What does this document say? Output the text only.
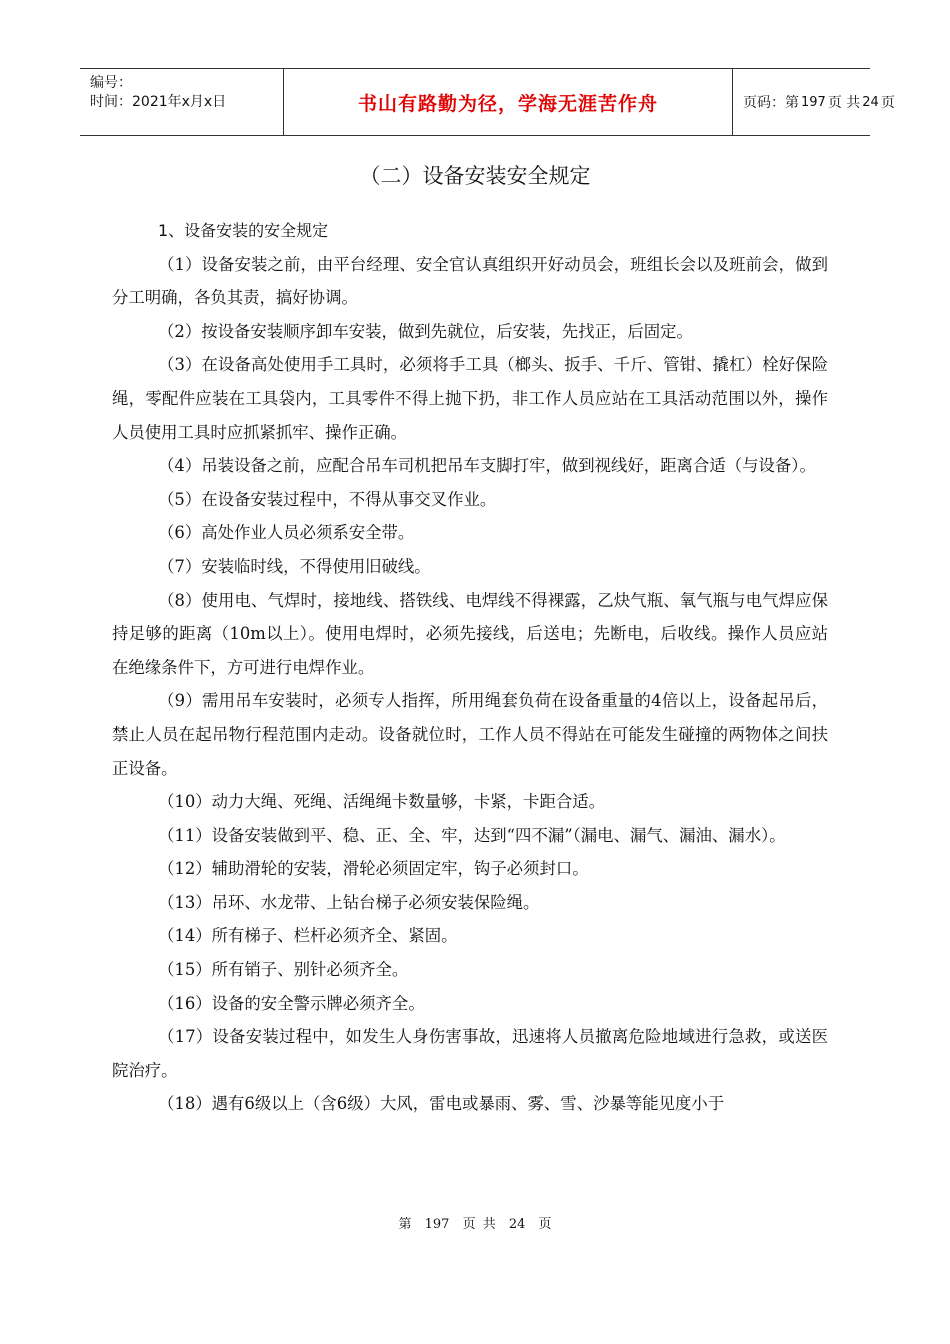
编号：
时间：2021年x月x日	书山有路勤为径，学海无涯苦作舟	页码：第 197 页 共 24 页
（二）设备安装安全规定
1、设备安装的安全规定

（1）设备安装之前，由平台经理、安全官认真组织开好动员会，班组长会以及班前会，做到分工明确，各负其责，搞好协调。

（2）按设备安装顺序卸车安装，做到先就位，后安装，先找正，后固定。

（3）在设备高处使用手工具时，必须将手工具（榔头、扳手、千斤、管钳、撬杠）栓好保险绳，零配件应装在工具袋内，工具零件不得上抛下扔，非工作人员应站在工具活动范围以外，操作人员使用工具时应抓紧抓牢、操作正确。

（4）吊装设备之前，应配合吊车司机把吊车支脚打牢，做到视线好，距离合适（与设备）。

（5）在设备安装过程中，不得从事交叉作业。

（6）高处作业人员必须系安全带。

（7）安装临时线，不得使用旧破线。

（8）使用电、气焊时，接地线、搭铁线、电焊线不得裸露，乙炔气瓶、氧气瓶与电气焊应保持足够的距离（10m以上）。使用电焊时，必须先接线，后送电；先断电，后收线。操作人员应站在绝缘条件下，方可进行电焊作业。

（9）需用吊车安装时，必须专人指挥，所用绳套负荷在设备重量的4倍以上，设备起吊后，禁止人员在起吊物行程范围内走动。设备就位时，工作人员不得站在可能发生碰撞的两物体之间扶正设备。

（10）动力大绳、死绳、活绳绳卡数量够，卡紧，卡距合适。

（11）设备安装做到平、稳、正、全、牢，达到“四不漏”（漏电、漏气、漏油、漏水）。

（12）辅助滑轮的安装，滑轮必须固定牢，钩子必须封口。

（13）吊环、水龙带、上钻台梯子必须安装保险绳。

（14）所有梯子、栏杆必须齐全、紧固。

（15）所有销子、别针必须齐全。

（16）设备的安全警示牌必须齐全。

（17）设备安装过程中，如发生人身伤害事故，迅速将人员撤离危险地域进行急救，或送医院治疗。

（18）遇有6级以上（含6级）大风，雷电或暴雨、雾、雪、沙暴等能见度小于

第 197 页 共 24 页
